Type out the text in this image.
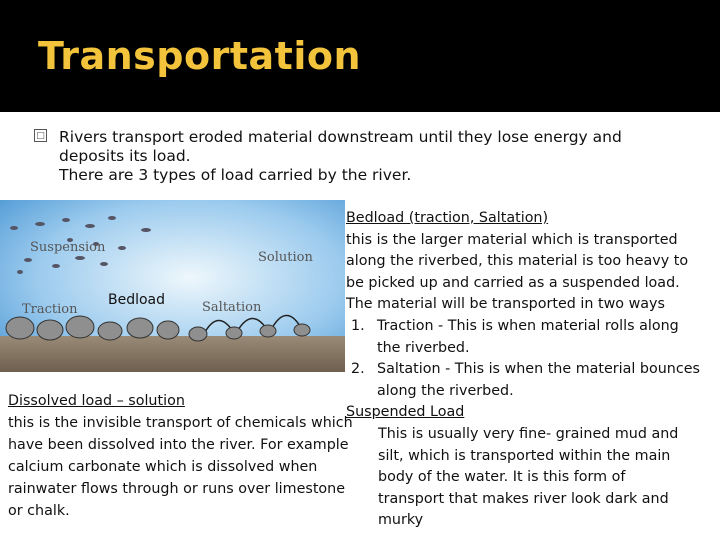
Transportation
□ Rivers transport eroded material downstream until they lose energy and
deposits its load.
There are 3 types of load carried by the river.
Suspension
Solution
Traction
Bedload	Saltation

Bedload (traction, Saltation)

this is the larger material which is transported

along the riverbed, this material is too heavy to

be picked up and carried as a suspended load.

The material will be transported in two ways

1. Traction - This is when material rolls along
the riverbed.
2. Saltation - This is when the material bounces
along the riverbed.

Suspended Load

This is usually very fine- grained mud and

silt, which is transported within the main

body of the water. It is this form of

transport that makes river look dark and

murky

Dissolved load – solution

this is the invisible transport of chemicals which

have been dissolved into the river. For example

calcium carbonate which is dissolved when

rainwater flows through or runs over limestone

or chalk.
